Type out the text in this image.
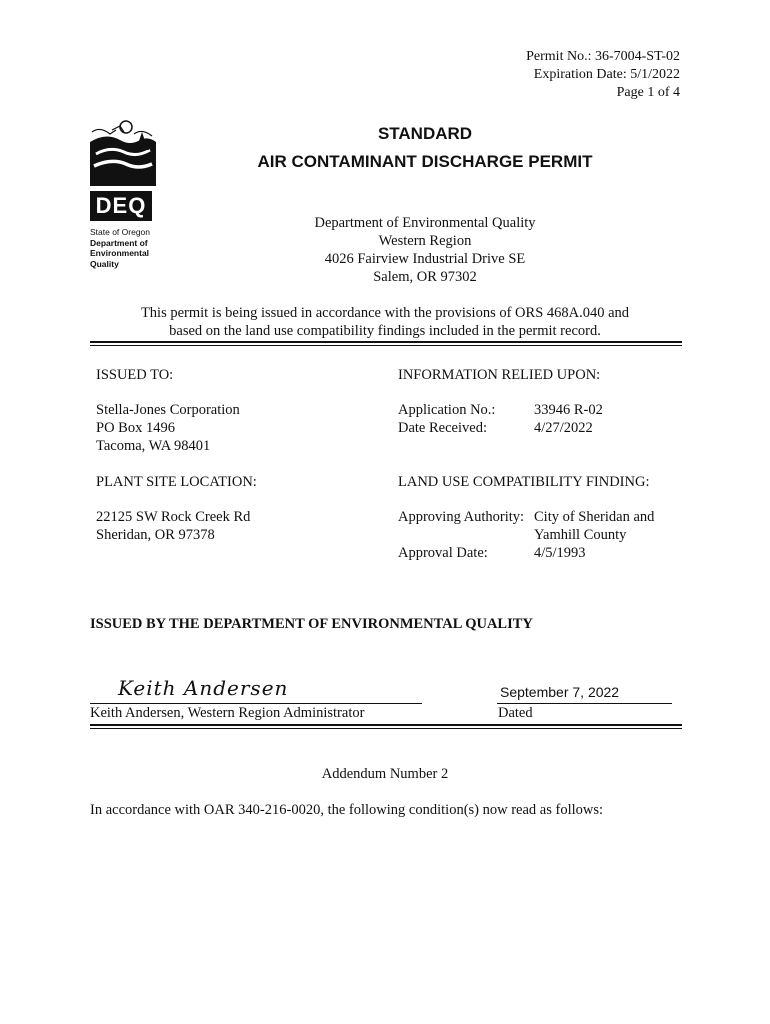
Permit No.: 36-7004-ST-02
Expiration Date: 5/1/2022
Page 1 of 4
DEQ
State of Oregon
Department of
Environmental
Quality
STANDARD
AIR CONTAMINANT DISCHARGE PERMIT
Department of Environmental Quality
Western Region
4026 Fairview Industrial Drive SE
Salem, OR 97302
This permit is being issued in accordance with the provisions of ORS 468A.040 and
based on the land use compatibility findings included in the permit record.
ISSUED TO:
Stella-Jones Corporation
PO Box 1496
Tacoma, WA 98401
INFORMATION RELIED UPON:
Application No.:	33946 R-02
Date Received:	4/27/2022
PLANT SITE LOCATION:
22125 SW Rock Creek Rd
Sheridan, OR 97378
LAND USE COMPATIBILITY FINDING:
Approving Authority: City of Sheridan and
Yamhill County
Approval Date:	4/5/1993
ISSUED BY THE DEPARTMENT OF ENVIRONMENTAL QUALITY
Keith Andersen
Keith Andersen, Western Region Administrator
September 7, 2022
Dated
Addendum Number 2
In accordance with OAR 340-216-0020, the following condition(s) now read as follows:
